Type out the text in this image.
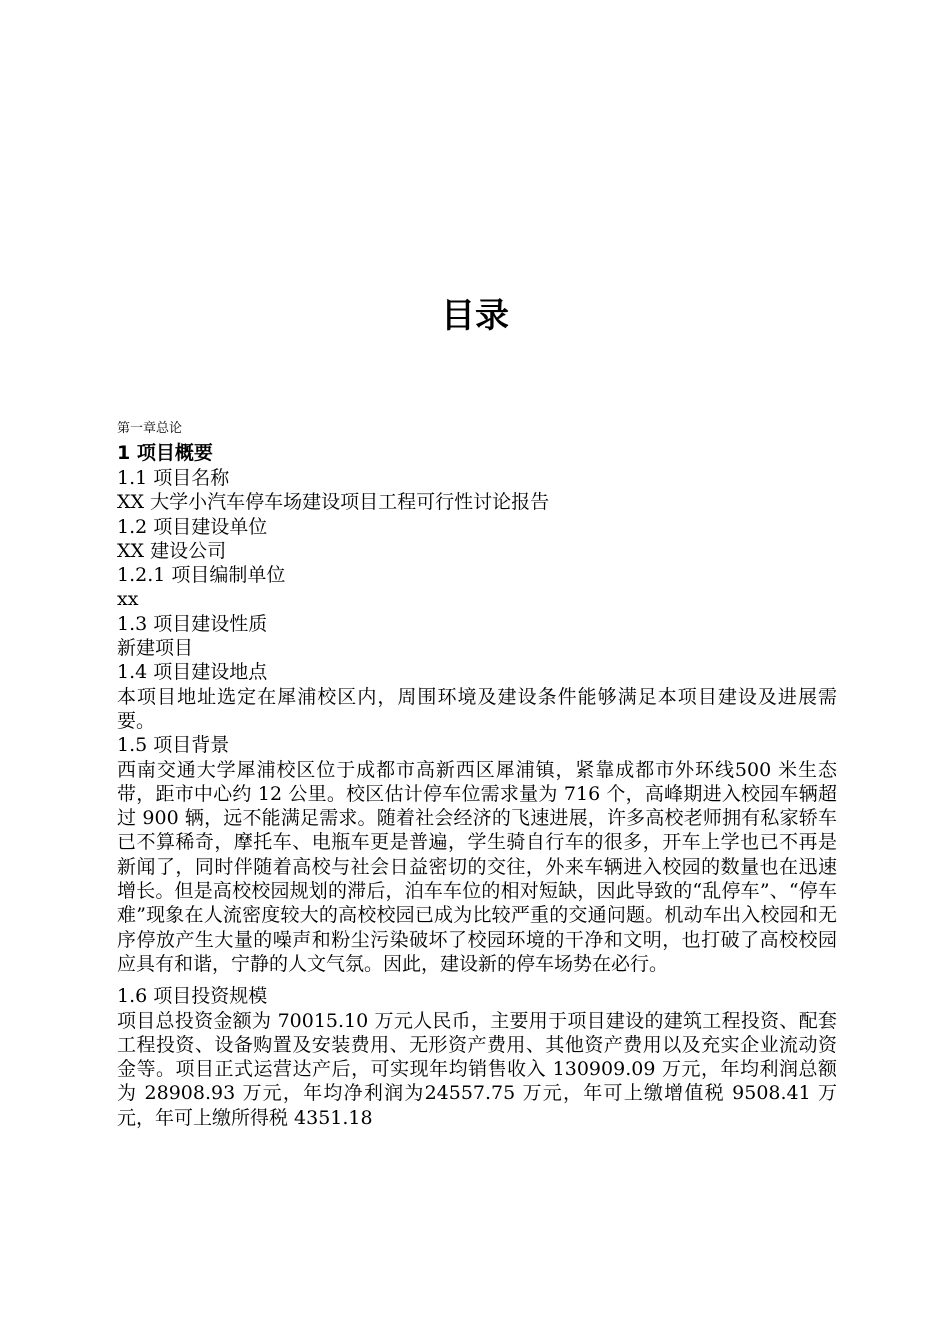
目录
第一章总论
1 项目概要
1.1 项目名称
XX 大学小汽车停车场建设项目工程可行性讨论报告
1.2 项目建设单位
XX 建设公司
1.2.1 项目编制单位
xx
1.3 项目建设性质
新建项目
1.4 项目建设地点

本项目地址选定在犀浦校区内，周围环境及建设条件能够满足本项目建设及进展需要。

1.5 项目背景

西南交通大学犀浦校区位于成都市高新西区犀浦镇，紧靠成都市外环线500 米生态带，距市中心约 12 公里。校区估计停车位需求量为 716 个，高峰期进入校园车辆超过 900 辆，远不能满足需求。随着社会经济的飞速进展，许多高校老师拥有私家轿车已不算稀奇，摩托车、电瓶车更是普遍，学生骑自行车的很多，开车上学也已不再是新闻了，同时伴随着高校与社会日益密切的交往，外来车辆进入校园的数量也在迅速增长。但是高校校园规划的滞后，泊车车位的相对短缺，因此导致的“乱停车”、“停车难”现象在人流密度较大的高校校园已成为比较严重的交通问题。机动车出入校园和无序停放产生大量的噪声和粉尘污染破坏了校园环境的干净和文明，也打破了高校校园应具有和谐，宁静的人文气氛。因此，建设新的停车场势在必行。

1.6 项目投资规模

项目总投资金额为 70015.10 万元人民币，主要用于项目建设的建筑工程投资、配套工程投资、设备购置及安装费用、无形资产费用、其他资产费用以及充实企业流动资金等。项目正式运营达产后，可实现年均销售收入 130909.09 万元，年均利润总额为 28908.93 万元，年均净利润为24557.75 万元，年可上缴增值税 9508.41 万元，年可上缴所得税 4351.18
